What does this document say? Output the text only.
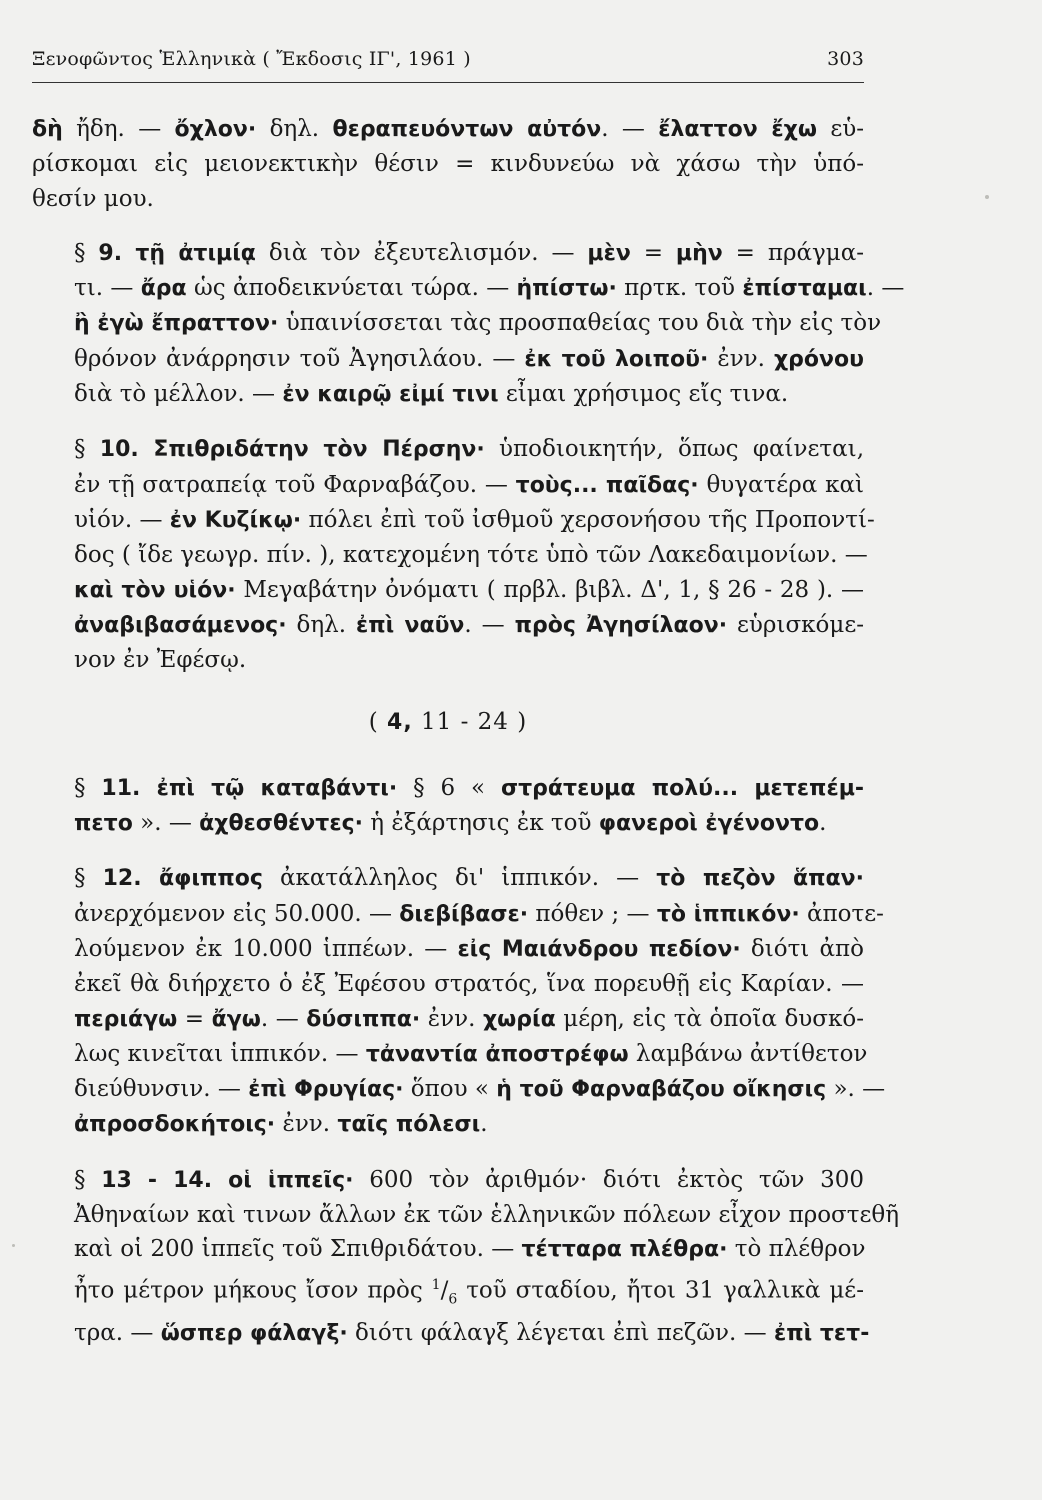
Ξενοφῶντος Ἑλληνικὰ ( Ἔκδοσις ΙΓ', 1961 )	303
δὴ ἤδη. — ὄχλον· δηλ. θεραπευόντων αὐτόν. — ἔλαττον ἔχω εὑ-
ρίσκομαι εἰς μειονεκτικὴν θέσιν = κινδυνεύω νὰ χάσω τὴν ὑπό-
θεσίν μου.
§ 9. τῇ ἀτιμίᾳ διὰ τὸν ἐξευτελισμόν. — μὲν = μὴν = πράγμα-
τι. — ἄρα ὡς ἀποδεικνύεται τώρα. — ἠπίστω· πρτκ. τοῦ ἐπίσταμαι. —
ἢ ἐγὼ ἔπραττον· ὑπαινίσσεται τὰς προσπαθείας του διὰ τὴν εἰς τὸν
θρόνον ἀνάρρησιν τοῦ Ἀγησιλάου. — ἐκ τοῦ λοιποῦ· ἐνν. χρόνου
διὰ τὸ μέλλον. — ἐν καιρῷ εἰμί τινι εἶμαι χρήσιμος εἴς τινα.
§ 10. Σπιθριδάτην τὸν Πέρσην· ὑποδιοικητήν, ὅπως φαίνεται,
ἐν τῇ σατραπείᾳ τοῦ Φαρναβάζου. — τοὺς... παῖδας· θυγατέρα καὶ
υἱόν. — ἐν Κυζίκῳ· πόλει ἐπὶ τοῦ ἰσθμοῦ χερσονήσου τῆς Προποντί-
δος ( ἴδε γεωγρ. πίν. ), κατεχομένη τότε ὑπὸ τῶν Λακεδαιμονίων. —
καὶ τὸν υἱόν· Μεγαβάτην ὀνόματι ( πρβλ. βιβλ. Δ', 1, § 26 - 28 ). —
ἀναβιβασάμενος· δηλ. ἐπὶ ναῦν. — πρὸς Ἀγησίλαον· εὑρισκόμε-
νον ἐν Ἐφέσῳ.
( 4, 11 - 24 )
§ 11. ἐπὶ τῷ καταβάντι· § 6 « στράτευμα πολύ... μετεπέμ-
πετο ». — ἀχθεσθέντες· ἡ ἐξάρτησις ἐκ τοῦ φανεροὶ ἐγένοντο.
§ 12. ἄφιππος ἀκατάλληλος δι' ἱππικόν. — τὸ πεζὸν ἅπαν·
ἀνερχόμενον εἰς 50.000. — διεβίβασε· πόθεν ; — τὸ ἱππικόν· ἀποτε-
λούμενον ἐκ 10.000 ἱππέων. — εἰς Μαιάνδρου πεδίον· διότι ἀπὸ
ἐκεῖ θὰ διήρχετο ὁ ἐξ Ἐφέσου στρατός, ἵνα πορευθῇ εἰς Καρίαν. —
περιάγω = ἄγω. — δύσιππα· ἐνν. χωρία μέρη, εἰς τὰ ὁποῖα δυσκό-
λως κινεῖται ἱππικόν. — τἀναντία ἀποστρέφω λαμβάνω ἀντίθετον
διεύθυνσιν. — ἐπὶ Φρυγίας· ὅπου « ἡ τοῦ Φαρναβάζου οἴκησις ». —
ἀπροσδοκήτοις· ἐνν. ταῖς πόλεσι.
§ 13 - 14. οἱ ἱππεῖς· 600 τὸν ἀριθμόν· διότι ἐκτὸς τῶν 300
Ἀθηναίων καὶ τινων ἄλλων ἐκ τῶν ἑλληνικῶν πόλεων εἶχον προστεθῆ
καὶ οἱ 200 ἱππεῖς τοῦ Σπιθριδάτου. — τέτταρα πλέθρα· τὸ πλέθρον
ἦτο μέτρον μήκους ἴσον πρὸς $^1/_6$ τοῦ σταδίου, ἤτοι 31 γαλλικὰ μέ-
τρα. — ὥσπερ φάλαγξ· διότι φάλαγξ λέγεται ἐπὶ πεζῶν. — ἐπὶ τετ-
